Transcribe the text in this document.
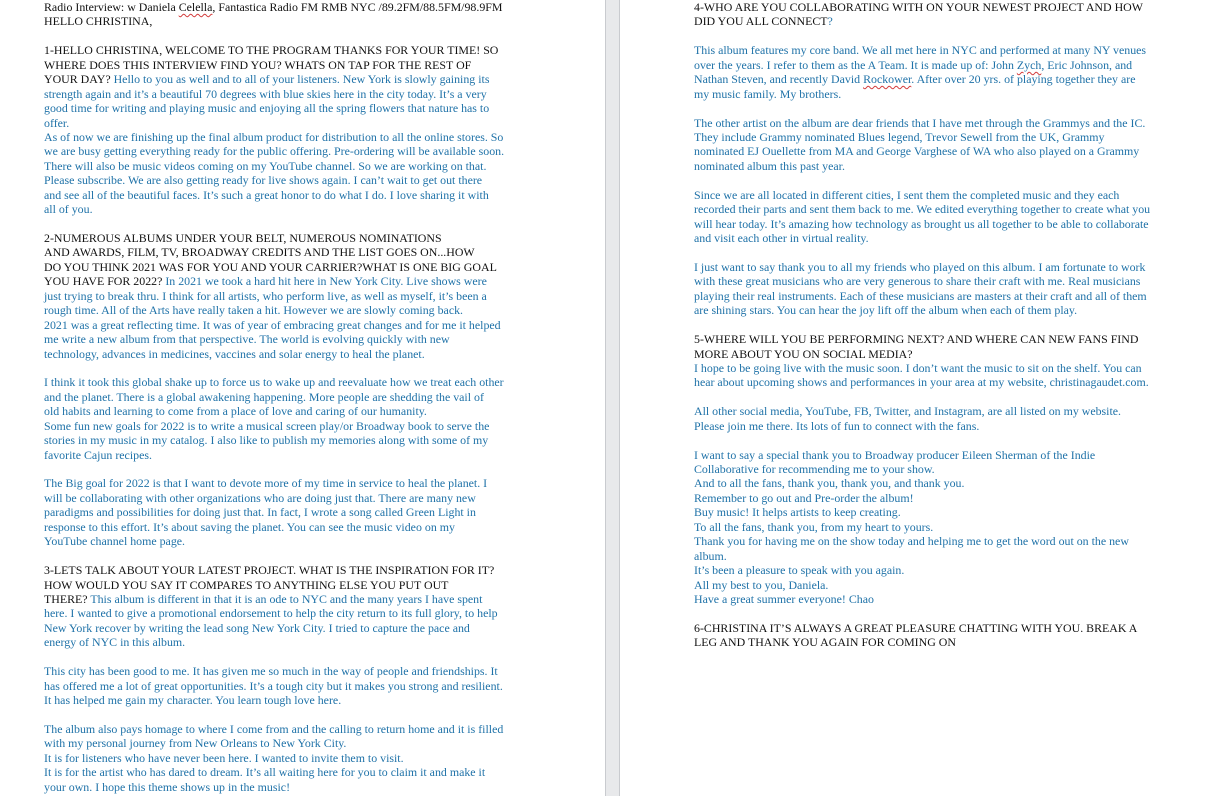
Radio Interview: w Daniela Celella, Fantastica Radio FM RMB NYC /89.2FM/88.5FM/98.9FM
HELLO CHRISTINA,
1-HELLO CHRISTINA, WELCOME TO THE PROGRAM THANKS FOR YOUR TIME! SO
WHERE DOES THIS INTERVIEW FIND YOU? WHATS ON TAP FOR THE REST OF
YOUR DAY? Hello to you as well and to all of your listeners. New York is slowly gaining its
strength again and it’s a beautiful 70 degrees with blue skies here in the city today. It’s a very
good time for writing and playing music and enjoying all the spring flowers that nature has to
offer.
As of now we are finishing up the final album product for distribution to all the online stores. So
we are busy getting everything ready for the public offering. Pre-ordering will be available soon.
There will also be music videos coming on my YouTube channel. So we are working on that.
Please subscribe. We are also getting ready for live shows again. I can’t wait to get out there
and see all of the beautiful faces. It’s such a great honor to do what I do. I love sharing it with
all of you.
2-NUMEROUS ALBUMS UNDER YOUR BELT, NUMEROUS NOMINATIONS
AND AWARDS, FILM, TV, BROADWAY CREDITS AND THE LIST GOES ON...HOW
DO YOU THINK 2021 WAS FOR YOU AND YOUR CARRIER?WHAT IS ONE BIG GOAL
YOU HAVE FOR 2022? In 2021 we took a hard hit here in New York City. Live shows were
just trying to break thru. I think for all artists, who perform live, as well as myself, it’s been a
rough time. All of the Arts have really taken a hit. However we are slowly coming back.
2021 was a great reflecting time. It was of year of embracing great changes and for me it helped
me write a new album from that perspective. The world is evolving quickly with new
technology, advances in medicines, vaccines and solar energy to heal the planet.
I think it took this global shake up to force us to wake up and reevaluate how we treat each other
and the planet. There is a global awakening happening. More people are shedding the vail of
old habits and learning to come from a place of love and caring of our humanity.
Some fun new goals for 2022 is to write a musical screen play/or Broadway book to serve the
stories in my music in my catalog. I also like to publish my memories along with some of my
favorite Cajun recipes.
The Big goal for 2022 is that I want to devote more of my time in service to heal the planet. I
will be collaborating with other organizations who are doing just that. There are many new
paradigms and possibilities for doing just that. In fact, I wrote a song called Green Light in
response to this effort. It’s about saving the planet. You can see the music video on my
YouTube channel home page.
3-LETS TALK ABOUT YOUR LATEST PROJECT. WHAT IS THE INSPIRATION FOR IT?
HOW WOULD YOU SAY IT COMPARES TO ANYTHING ELSE YOU PUT OUT
THERE? This album is different in that it is an ode to NYC and the many years I have spent
here. I wanted to give a promotional endorsement to help the city return to its full glory, to help
New York recover by writing the lead song New York City. I tried to capture the pace and
energy of NYC in this album.
This city has been good to me. It has given me so much in the way of people and friendships. It
has offered me a lot of great opportunities. It’s a tough city but it makes you strong and resilient.
It has helped me gain my character. You learn tough love here.
The album also pays homage to where I come from and the calling to return home and it is filled
with my personal journey from New Orleans to New York City.
It is for listeners who have never been here. I wanted to invite them to visit.
It is for the artist who has dared to dream. It’s all waiting here for you to claim it and make it
your own. I hope this theme shows up in the music!
4-WHO ARE YOU COLLABORATING WITH ON YOUR NEWEST PROJECT AND HOW
DID YOU ALL CONNECT?
This album features my core band. We all met here in NYC and performed at many NY venues
over the years. I refer to them as the A Team. It is made up of: John Zych, Eric Johnson, and
Nathan Steven, and recently David Rockower. After over 20 yrs. of playing together they are
my music family. My brothers.
The other artist on the album are dear friends that I have met through the Grammys and the IC.
They include Grammy nominated Blues legend, Trevor Sewell from the UK, Grammy
nominated EJ Ouellette from MA and George Varghese of WA who also played on a Grammy
nominated album this past year.
Since we are all located in different cities, I sent them the completed music and they each
recorded their parts and sent them back to me. We edited everything together to create what you
will hear today. It’s amazing how technology as brought us all together to be able to collaborate
and visit each other in virtual reality.
I just want to say thank you to all my friends who played on this album. I am fortunate to work
with these great musicians who are very generous to share their craft with me. Real musicians
playing their real instruments. Each of these musicians are masters at their craft and all of them
are shining stars. You can hear the joy lift off the album when each of them play.
5-WHERE WILL YOU BE PERFORMING NEXT? AND WHERE CAN NEW FANS FIND
MORE ABOUT YOU ON SOCIAL MEDIA?
I hope to be going live with the music soon. I don’t want the music to sit on the shelf. You can
hear about upcoming shows and performances in your area at my website, christinagaudet.com.
All other social media, YouTube, FB, Twitter, and Instagram, are all listed on my website.
Please join me there. Its lots of fun to connect with the fans.
I want to say a special thank you to Broadway producer Eileen Sherman of the Indie
Collaborative for recommending me to your show.
And to all the fans, thank you, thank you, and thank you.
Remember to go out and Pre-order the album!
Buy music! It helps artists to keep creating.
To all the fans, thank you, from my heart to yours.
Thank you for having me on the show today and helping me to get the word out on the new
album.
It’s been a pleasure to speak with you again.
All my best to you, Daniela.
Have a great summer everyone! Chao
6-CHRISTINA IT’S ALWAYS A GREAT PLEASURE CHATTING WITH YOU. BREAK A
LEG AND THANK YOU AGAIN FOR COMING ON
